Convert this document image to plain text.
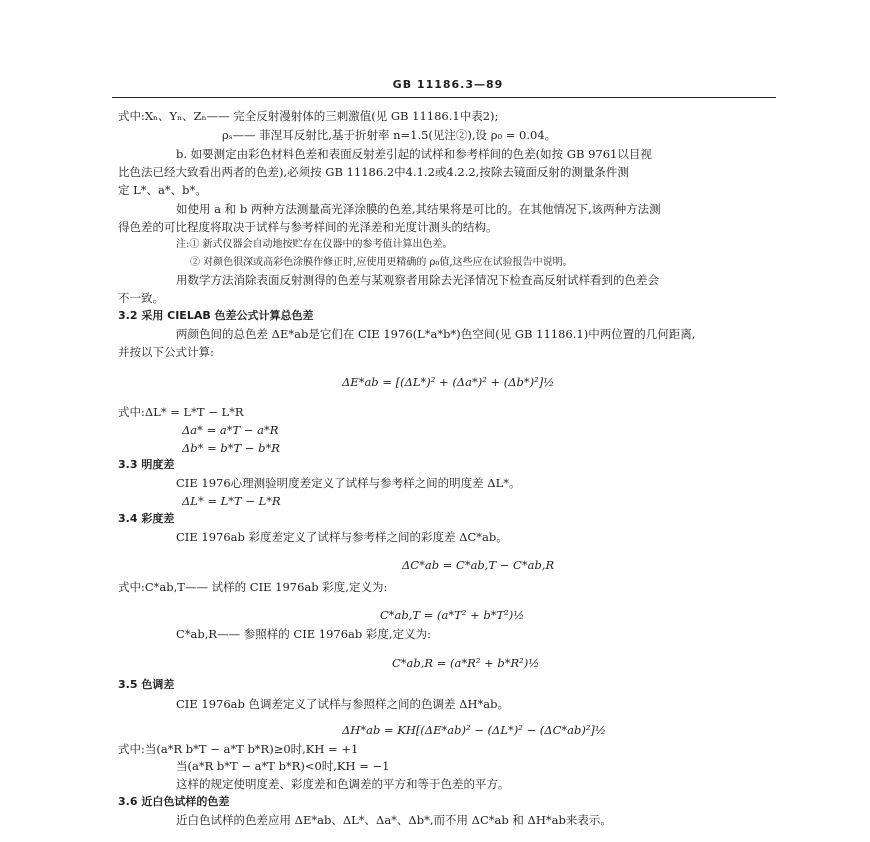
GB 11186.3—89
式中:Xₙ、Yₙ、Zₙ—— 完全反射漫射体的三刺激值(见 GB 11186.1中表2);
ρₛ—— 菲涅耳反射比,基于折射率 n=1.5(见注②),设 ρ₀ = 0.04。
b. 如要测定由彩色材料色差和表面反射差引起的试样和参考样间的色差(如按 GB 9761以目视
比色法已经大致看出两者的色差),必须按 GB 11186.2中4.1.2或4.2.2,按除去镜面反射的测量条件测
定 L*、a*、b*。
如使用 a 和 b 两种方法测量高光泽涂膜的色差,其结果将是可比的。在其他情况下,该两种方法测
得色差的可比程度将取决于试样与参考样间的光泽差和光度计测头的结构。
注:① 新式仪器会自动地按贮存在仪器中的参考值计算出色差。
② 对颜色很深或高彩色涂膜作修正时,应使用更精确的 ρ₀值,这些应在试验报告中说明。
用数学方法消除表面反射测得的色差与某观察者用除去光泽情况下检查高反射试样看到的色差会
不一致。
3.2 采用 CIELAB 色差公式计算总色差
两颜色间的总色差 ΔE*ab是它们在 CIE 1976(L*a*b*)色空间(见 GB 11186.1)中两位置的几何距离,
并按以下公式计算:
ΔE*ab = [(ΔL*)² + (Δa*)² + (Δb*)²]½
式中:ΔL* = L*T − L*R
Δa* = a*T − a*R
Δb* = b*T − b*R
3.3 明度差
CIE 1976心理测验明度差定义了试样与参考样之间的明度差 ΔL*。
ΔL* = L*T − L*R
3.4 彩度差
CIE 1976ab 彩度差定义了试样与参考样之间的彩度差 ΔC*ab。
ΔC*ab = C*ab,T − C*ab,R
式中:C*ab,T—— 试样的 CIE 1976ab 彩度,定义为:
C*ab,T = (a*T² + b*T²)½
C*ab,R—— 参照样的 CIE 1976ab 彩度,定义为:
C*ab,R = (a*R² + b*R²)½
3.5 色调差
CIE 1976ab 色调差定义了试样与参照样之间的色调差 ΔH*ab。
ΔH*ab = KH[(ΔE*ab)² − (ΔL*)² − (ΔC*ab)²]½
式中:当(a*R b*T − a*T b*R)≥0时,KH = +1
当(a*R b*T − a*T b*R)<0时,KH = −1
这样的规定使明度差、彩度差和色调差的平方和等于色差的平方。
3.6 近白色试样的色差
近白色试样的色差应用 ΔE*ab、ΔL*、Δa*、Δb*,而不用 ΔC*ab 和 ΔH*ab来表示。
